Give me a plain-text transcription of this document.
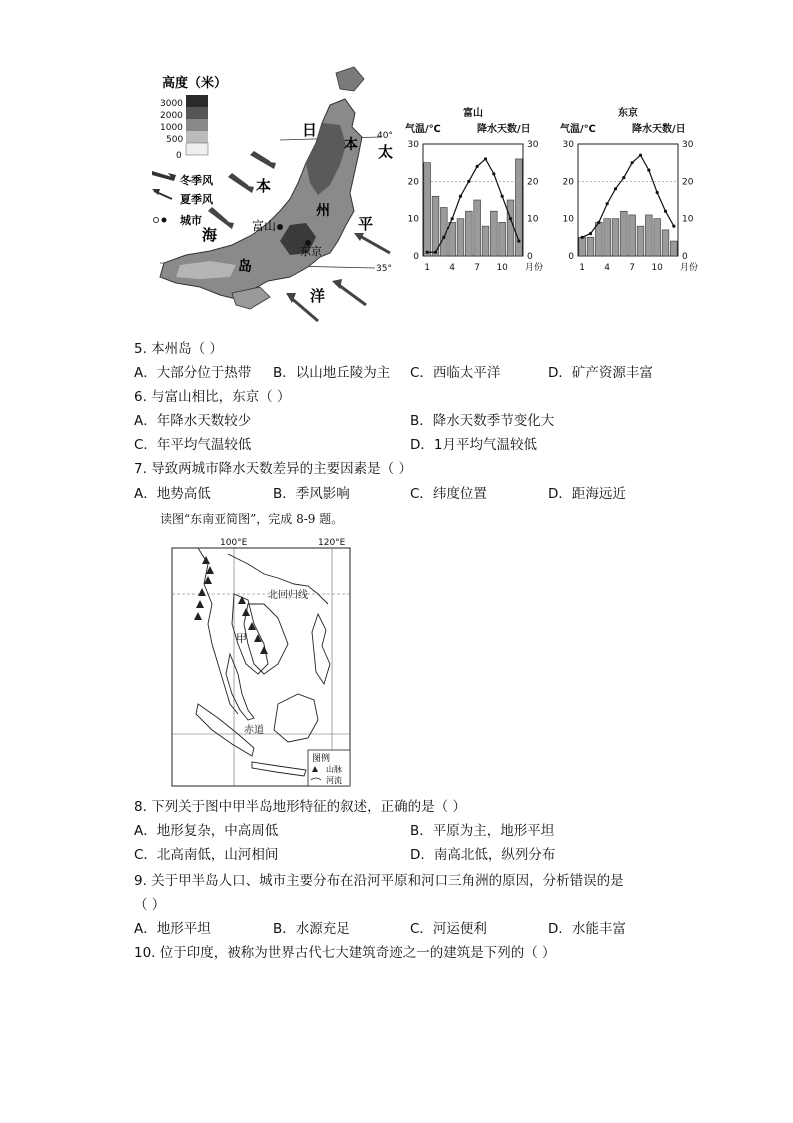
高度（米）
3000
2000
1000
500
0
40°
35°
富山
东京
日
本
海
太
平
洋
本
州
岛
冬季风
夏季风
城市
富山
气温/℃	降水天数/日
0	0
10	10
20	20
30	30
1 4 7 10 月份
东京
气温/℃	降水天数/日
0	0
10	10
20	20
30	30
1 4 7 10 月份
5. 本州岛（ ）
A．大部分位于热带 B．以山地丘陵为主 C．西临太平洋	D．矿产资源丰富
6. 与富山相比，东京（ ）
A．年降水天数较少	B．降水天数季节变化大
C．年平均气温较低	D．1月平均气温较低
7. 导致两城市降水天数差异的主要因素是（ ）
A．地势高低	B．季风影响	C．纬度位置	D．距海远近
读图“东南亚简图”，完成 8-9 题。
100°E	120°E
北回归线
赤道
甲
图例
山脉
河流
8. 下列关于图中甲半岛地形特征的叙述，正确的是（ ）
A．地形复杂，中高周低	B．平原为主，地形平坦
C．北高南低，山河相间	D．南高北低，纵列分布
9. 关于甲半岛人口、城市主要分布在沿河平原和河口三角洲的原因，分析错误的是
（ ）
A．地形平坦	B．水源充足	C．河运便利	D．水能丰富
10. 位于印度，被称为世界古代七大建筑奇迹之一的建筑是下列的（ ）
